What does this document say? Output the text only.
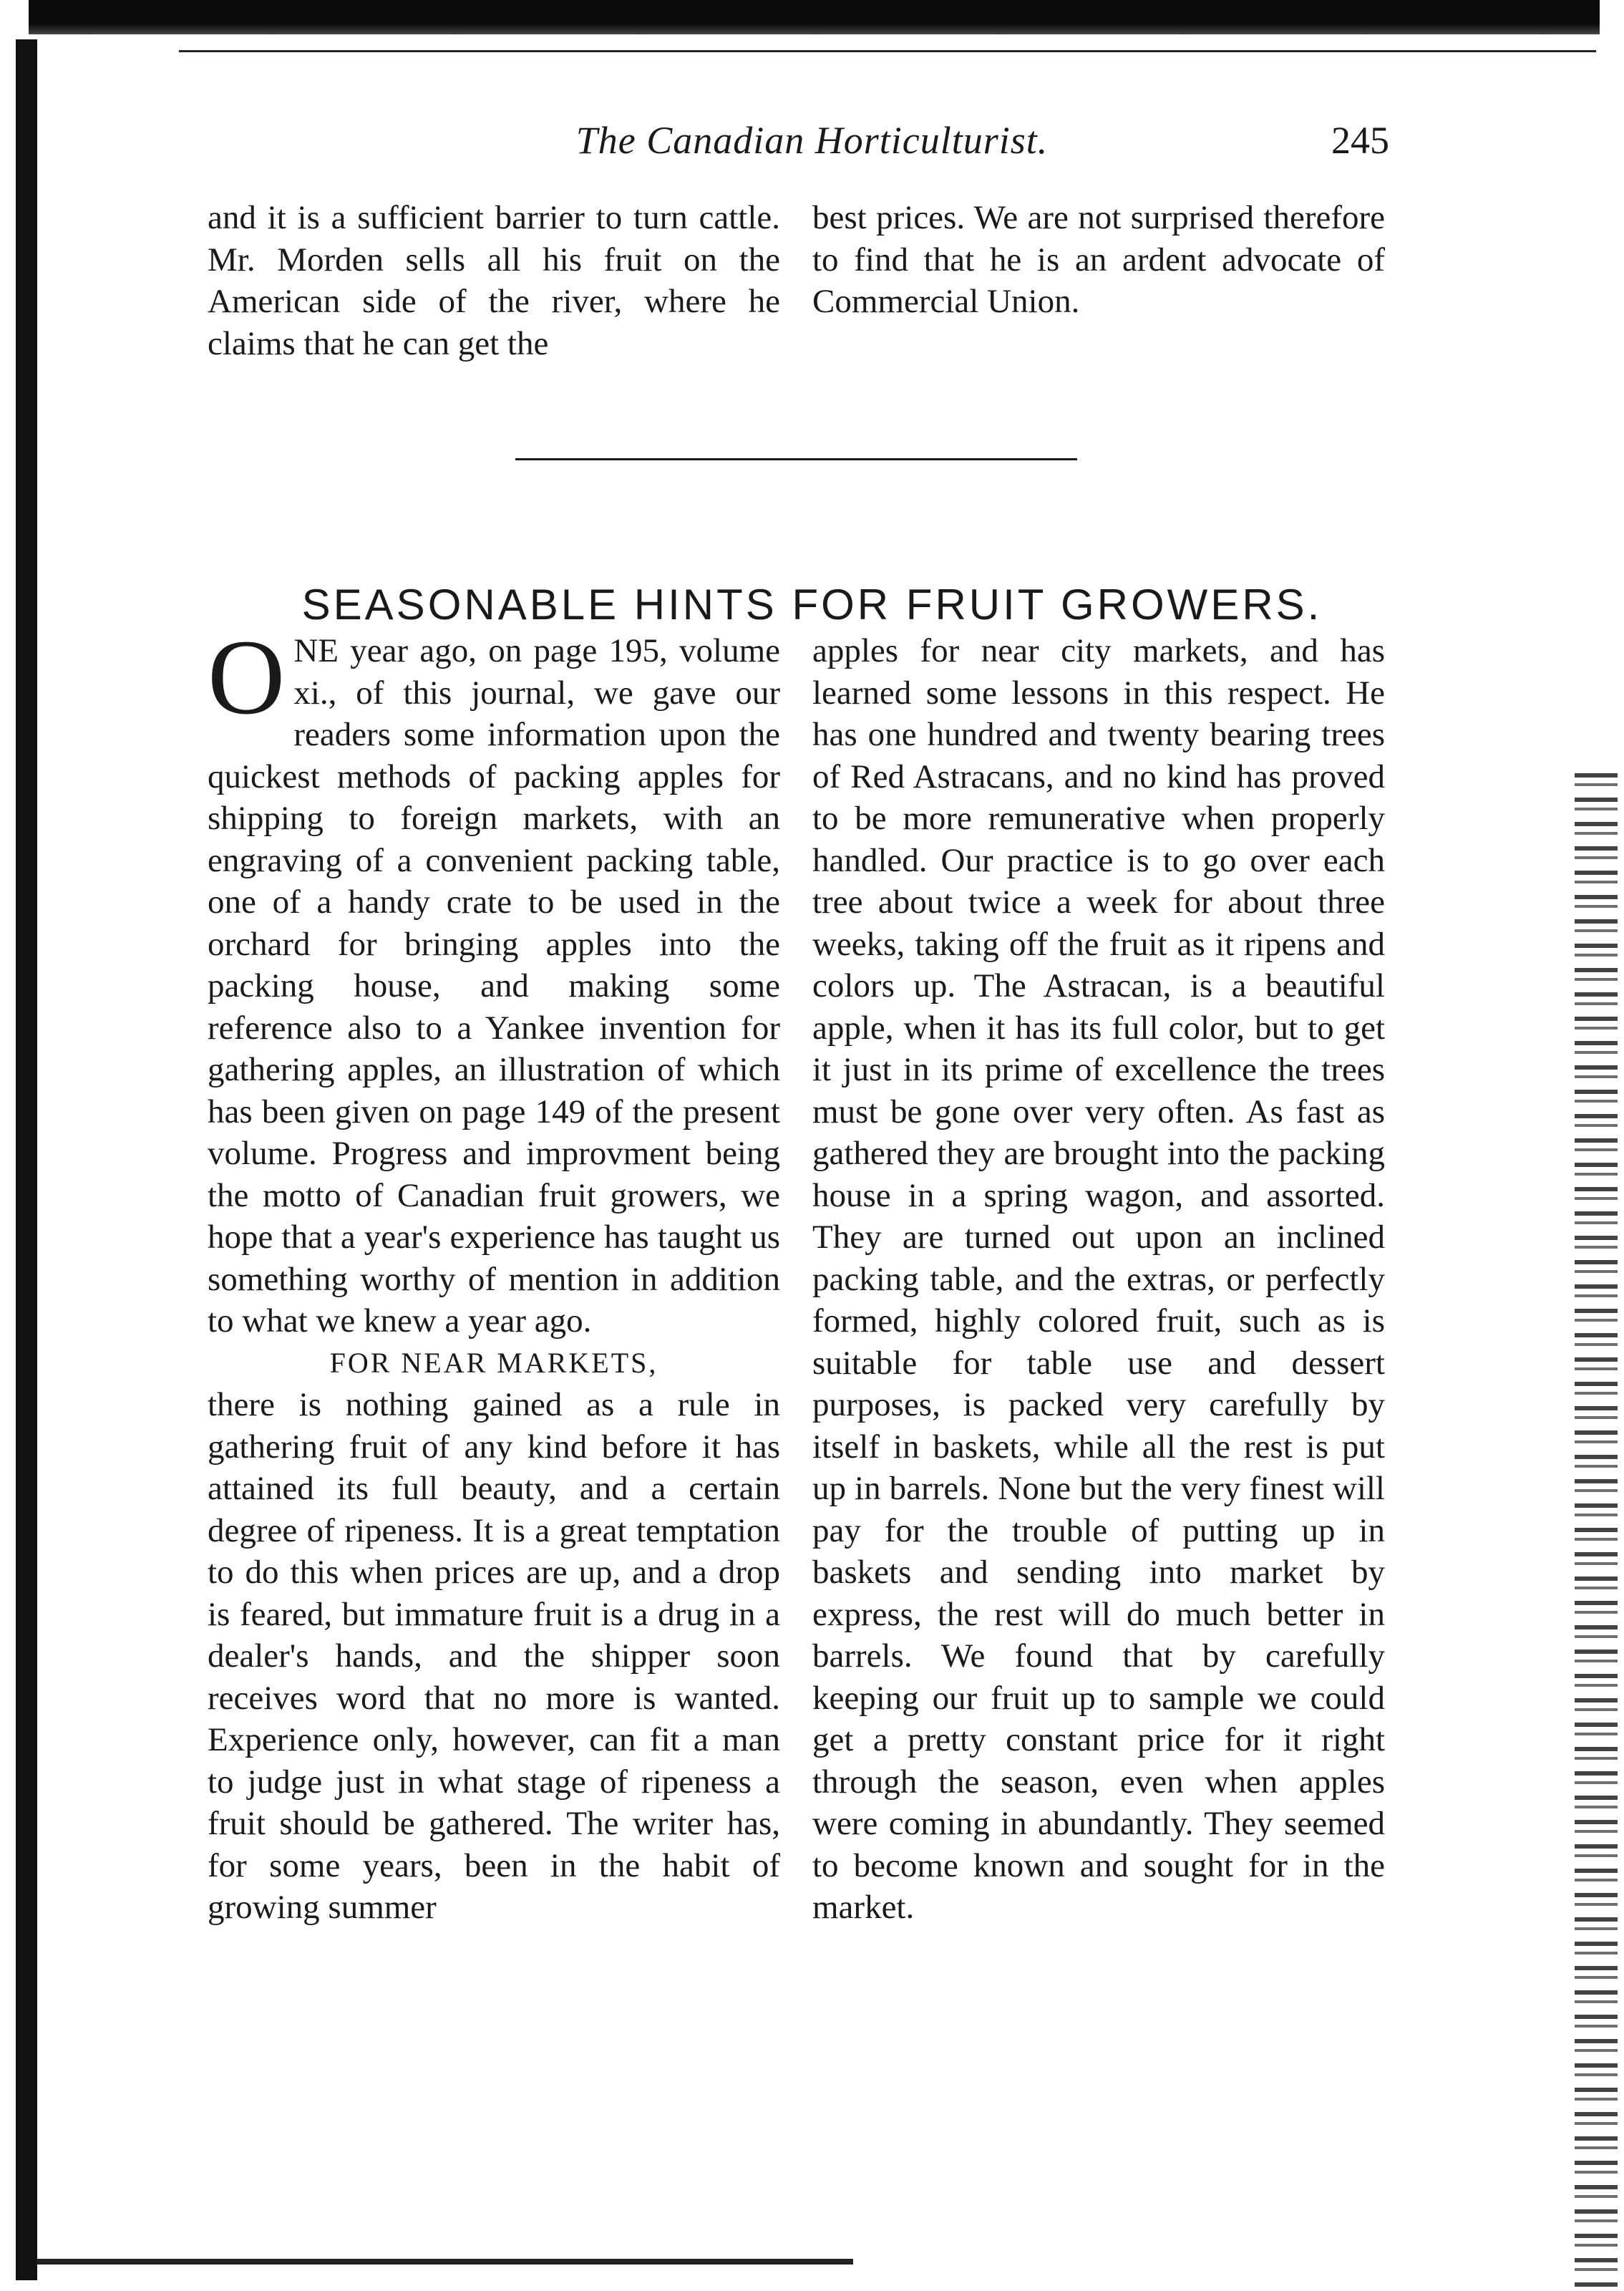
The Canadian Horticulturist.	245

and it is a sufficient barrier to turn cattle. Mr. Morden sells all his fruit on the American side of the river, where he claims that he can get the

best prices. We are not surprised therefore to find that he is an ardent advocate of Commercial Union.

SEASONABLE HINTS FOR FRUIT GROWERS.

ONE year ago, on page 195, volume xi., of this journal, we gave our readers some information upon the quickest methods of packing apples for shipping to foreign markets, with an engraving of a convenient packing table, one of a handy crate to be used in the orchard for bringing apples into the packing house, and making some reference also to a Yankee invention for gathering apples, an illustration of which has been given on page 149 of the present volume. Progress and improvment being the motto of Canadian fruit growers, we hope that a year's experience has taught us something worthy of mention in addition to what we knew a year ago.

FOR NEAR MARKETS,

there is nothing gained as a rule in gathering fruit of any kind before it has attained its full beauty, and a certain degree of ripeness. It is a great temptation to do this when prices are up, and a drop is feared, but immature fruit is a drug in a dealer's hands, and the shipper soon receives word that no more is wanted. Experience only, however, can fit a man to judge just in what stage of ripeness a fruit should be gathered. The writer has, for some years, been in the habit of growing summer

apples for near city markets, and has learned some lessons in this respect. He has one hundred and twenty bearing trees of Red Astracans, and no kind has proved to be more remunerative when properly handled. Our practice is to go over each tree about twice a week for about three weeks, taking off the fruit as it ripens and colors up. The Astracan, is a beautiful apple, when it has its full color, but to get it just in its prime of excellence the trees must be gone over very often. As fast as gathered they are brought into the packing house in a spring wagon, and assorted. They are turned out upon an inclined packing table, and the extras, or perfectly formed, highly colored fruit, such as is suitable for table use and dessert purposes, is packed very carefully by itself in baskets, while all the rest is put up in barrels. None but the very finest will pay for the trouble of putting up in baskets and sending into market by express, the rest will do much better in barrels. We found that by carefully keeping our fruit up to sample we could get a pretty constant price for it right through the season, even when apples were coming in abundantly. They seemed to become known and sought for in the market.
